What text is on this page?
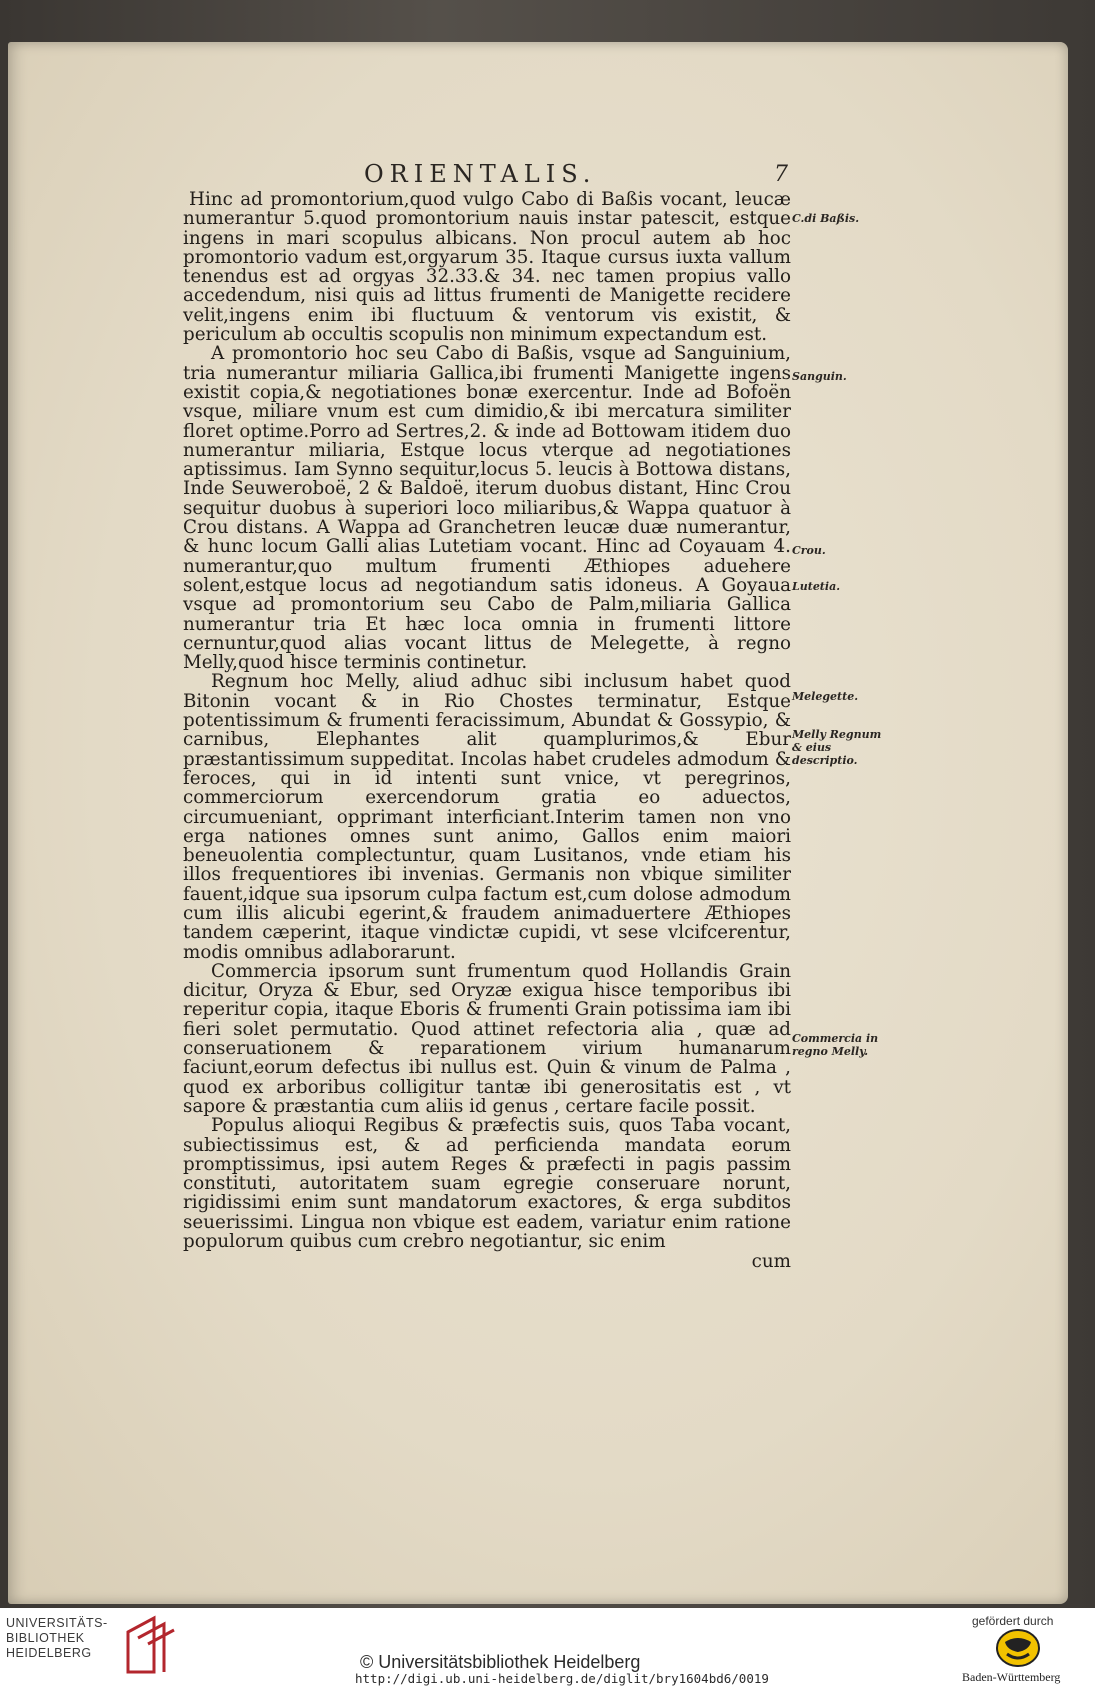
ORIENTALIS.	7

Hinc ad promontorium,quod vulgo Cabo di Baßis vocant, leucæ numerantur 5.quod promontorium nauis instar patescit, estque ingens in mari scopulus albicans. Non procul autem ab hoc promontorio vadum est,orgyarum 35. Itaque cursus iuxta vallum tenendus est ad orgyas 32.33.& 34. nec tamen propius vallo accedendum, nisi quis ad littus frumenti de Manigette recidere velit,ingens enim ibi fluctuum & ventorum vis existit, & periculum ab occultis scopulis non minimum expectandum est.

A promontorio hoc seu Cabo di Baßis, vsque ad Sanguinium, tria numerantur miliaria Gallica,ibi frumenti Manigette ingens existit copia,& negotiationes bonæ exercentur. Inde ad Bofoën vsque, miliare vnum est cum dimidio,& ibi mercatura similiter floret optime.Porro ad Sertres,2. & inde ad Bottowam itidem duo numerantur miliaria, Estque locus vterque ad negotiationes aptissimus. Iam Synno sequitur,locus 5. leucis à Bottowa distans, Inde Seuweroboë, 2 & Baldoë, iterum duobus distant, Hinc Crou sequitur duobus à superiori loco miliaribus,& Wappa quatuor à Crou distans. A Wappa ad Granchetren leucæ duæ numerantur, & hunc locum Galli alias Lutetiam vocant. Hinc ad Coyauam 4. numerantur,quo multum frumenti Æthiopes aduehere solent,estque locus ad negotiandum satis idoneus. A Goyaua vsque ad promontorium seu Cabo de Palm,miliaria Gallica numerantur tria Et hæc loca omnia in frumenti littore cernuntur,quod alias vocant littus de Melegette, à regno Melly,quod hisce terminis continetur.

Regnum hoc Melly, aliud adhuc sibi inclusum habet quod Bitonin vocant & in Rio Chostes terminatur, Estque potentissimum & frumenti feracissimum, Abundat & Gossypio, & carnibus, Elephantes alit quamplurimos,& Ebur præstantissimum suppeditat. Incolas habet crudeles admodum & feroces, qui in id intenti sunt vnice, vt peregrinos, commerciorum exercendorum gratia eo aduectos, circumueniant, opprimant interficiant.Interim tamen non vno erga nationes omnes sunt animo, Gallos enim maiori beneuolentia complectuntur, quam Lusitanos, vnde etiam his illos frequentiores ibi invenias. Germanis non vbique similiter fauent,idque sua ipsorum culpa factum est,cum dolose admodum cum illis alicubi egerint,& fraudem animaduertere Æthiopes tandem cæperint, itaque vindictæ cupidi, vt sese vlcifcerentur, modis omnibus adlaborarunt.

Commercia ipsorum sunt frumentum quod Hollandis Grain dicitur, Oryza & Ebur, sed Oryzæ exigua hisce temporibus ibi reperitur copia, itaque Eboris & frumenti Grain potissima iam ibi fieri solet permutatio. Quod attinet refectoria alia , quæ ad conseruationem & reparationem virium humanarum faciunt,eorum defectus ibi nullus est. Quin & vinum de Palma , quod ex arboribus colligitur tantæ ibi generositatis est , vt sapore & præstantia cum aliis id genus , certare facile possit.

Populus alioqui Regibus & præfectis suis, quos Taba vocant, subiectissimus est, & ad perficienda mandata eorum promptissimus, ipsi autem Reges & præfecti in pagis passim constituti, autoritatem suam egregie conseruare norunt, rigidissimi enim sunt mandatorum exactores, & erga subditos seuerissimi. Lingua non vbique est eadem, variatur enim ratione populorum quibus cum crebro negotiantur, sic enim

cum
C.di Baßis.
Sanguin.
Crou.
Lutetia.
Melegette.
Melly Regnum & eius descriptio.
Commercia in regno Melly.
UNIVERSITÄTS-
BIBLIOTHEK
HEIDELBERG	© Universitätsbibliothek Heidelberg
http://digi.ub.uni-heidelberg.de/diglit/bry1604bd6/0019
gefördert durch
Baden-Württemberg
